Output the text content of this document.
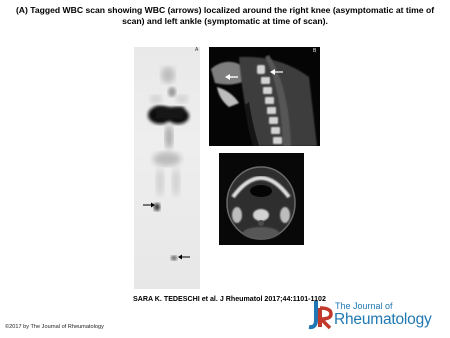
(A) Tagged WBC scan showing WBC (arrows) localized around the right knee (asymptomatic at time of scan) and left ankle (symptomatic at time of scan).
A	B
SARA K. TEDESCHI et al. J Rheumatol 2017;44:1101-1102
The Journal of
Rheumatology
©2017 by The Journal of Rheumatology
